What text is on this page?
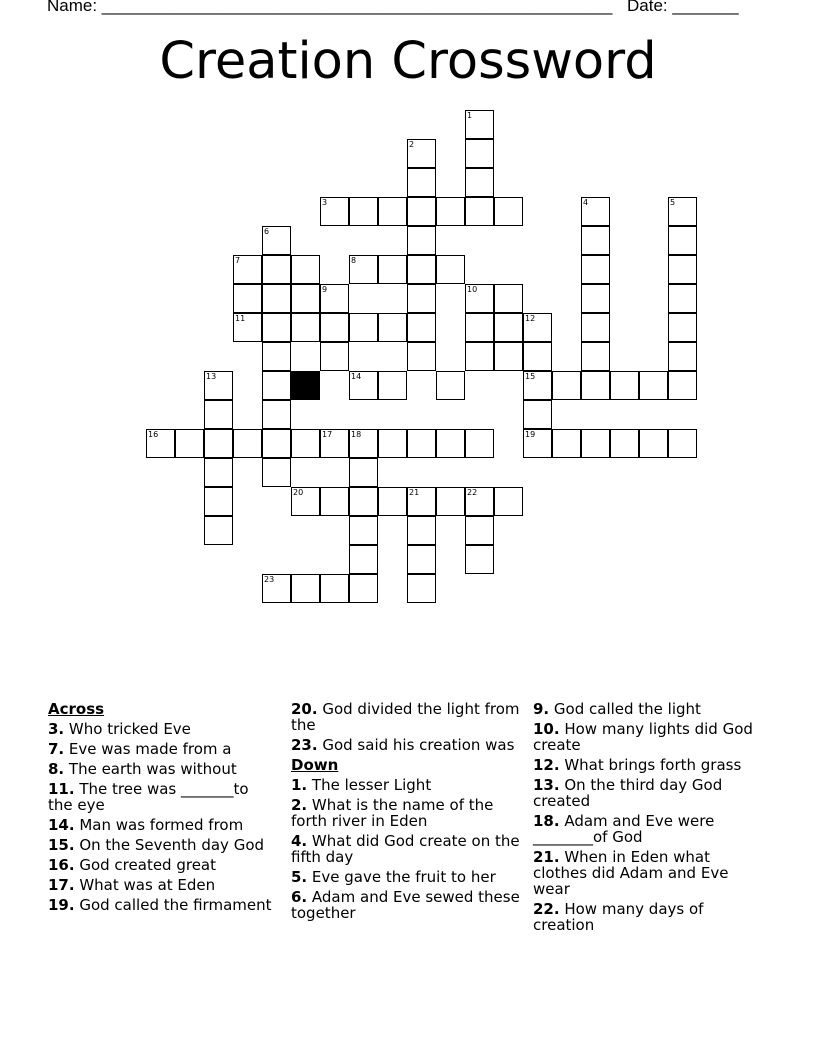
Name: ______________________________________________________ Date: _______
Creation Crossword
1
2
3	4	5
6
7	8
9	10
11	12
13	14	15
16	17 18	19
20	21	22
23
Across
3. Who tricked Eve
7. Eve was made from a
8. The earth was without
11. The tree was _______to the eye
14. Man was formed from
15. On the Seventh day God
16. God created great
17. What was at Eden
19. God called the firmament
20. God divided the light from the
23. God said his creation was
Down
1. The lesser Light
2. What is the name of the forth river in Eden
4. What did God create on the fifth day
5. Eve gave the fruit to her
6. Adam and Eve sewed these together
9. God called the light
10. How many lights did God create
12. What brings forth grass
13. On the third day God created
18. Adam and Eve were ________of God
21. When in Eden what clothes did Adam and Eve wear
22. How many days of creation
